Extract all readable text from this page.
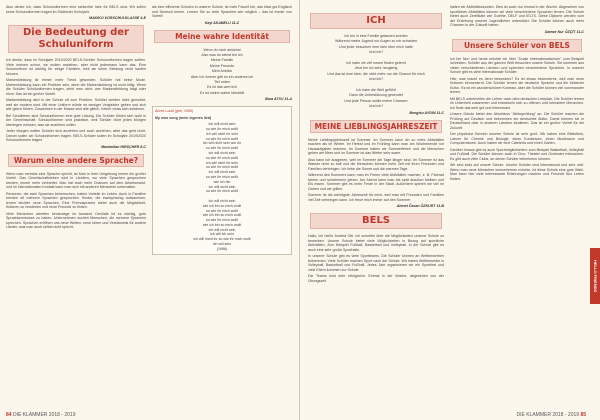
Also denke ich, dass Schuluniformen eine schlechte Idee für BELS sind. Wir sollen keine Schuluniformen tragen im Südtiroler Schuljahr.

MAKIKO VORSCHULKLASSE 4-E
Die Bedeutung der Schuluniform

Ich denke, dass im Schuljahr 2019/2020 BELS-Schüler Schuluniformen tragen sollten. Viele meinen schon, sie wollen anziehen, aber nicht jedermann kann das. Eine Schuluniform ist wichtig für einige Familien, weil sie keine Kleidung nicht kaufen können.

Markenkleidung ist immer mehr Trend geworden. Schüler hat keine Mode. Markenkleidung kann ein Problem sein, denn die Markenkleidung ist nicht billig. Wenn die Schüler Schuluniformen tragen, sieht man nicht, wer Markenkleidung trägt oder nicht. Das ist ein großer Vorteil.

Markenkleidung wird in der Schule oft zum Problem. Schüler werden nicht gemobbt, weil sie modern sind. Mit einer Uniform würde es weniger Vergleiche geben und sich alle gleich fühlen. Zusammen in der Klasse sind alle gleich. Keiner muss sich schämen.

Bei Schulfeiern sind Schuluniformen eine gute Lösung. Die Schüler fühlen sich wohl in der Gemeinschaft. Schuluniformen sind praktisch, weil Schüler nicht jeden Morgen überlegen müssen, was sie anziehen sollen.

Jeder Morgen wollen Schüler sich anziehen und auch anziehen, aber das geht nicht. Darum sollen wir Schuluniformen tragen. BELS-Schüler sollen im Schuljahr 2019/2020 Schuluniformen tragen.

Maximilian HIRSCHER 8-C
Warum eine andere Sprache?

Wenn man mehrals eine Sprache spricht, ist Man in ihrer Umgebung immer ein großer Vorteil. Das Gesellschaftsleben wird in Ländern, wo viele Sprachen gesprochen werden, immer mehr verbreitet. Man hat auch mehr Chancen auf dem Arbeitsmarkt, und im internationalen Kontakt kann man sich mit anderen Menschen unterhalten.

Personen, die zwei Sprachen beherrschen, haben Vorteile im Leben. Auch in Familien werden oft mehrere Sprachen gesprochen. Kinder, die zweisprachig aufwachsen, lernen leichter neue Sprachen. Eine Fremdsprache bietet auch die Möglichkeit, Kulturen zu verstehen und neue Freunde zu finden.

Viele Menschen arbeiten heutzutage im Ausland. Deshalb ist es wichtig, gute Sprachkenntnisse zu haben. Unternehmen suchen Menschen, die mehrere Sprachen sprechen. Sprachen eröffnen uns neue Welten, neue Ideen und Verständnis für andere Länder, was man auch selbst nicht spricht.

als eine effiziente Schulen in unserer Schule, ist mein Favorit bei, das bisst gut Englisch und Deutsch lernen. Lernen Sie so viele Sprachen wie möglich – das ist immer von Vorteil!

Kayi AKABELU 11-C
Meine wahre Identität
Wenn du mich ansiehst
Also was du siehst bin ich
Meine Familie
Meine Freunde
Mein Anblick
Aber ich innerer gibt es ein anderes ich
Tief unten
Es ist das wert lich
Es ist meine wahre Identität
Bara ATSU 11-A

Annet Louill (geb. 1955)

My own song (mein eigenes lied)

Ich will nicht sein
so wie ihr mich wollt
ich will nicht ihr sein
so wie ihr mich wollt
ich will nicht sein wie ihr
so wie ihr mich wollt
ich will nicht sein
so wie ihr mich wollt
ich will nicht ihr sein
so wie ihr mich wollt
ich will nicht sein
so wie ihr mich wollt
wie ich bin
ich will nicht sein
so wie ihr mich wollt

ich will nicht sein
wie ich bin so mich wollt
so wie ihr mich wollt
wie ich bin so mich wollt
so wie ihr mich wollt
wie ich bin so mich wollt
ich will nicht sein
ich will ich sein
ich will nicht ihr so wie ihr mich wollt
ich will sein
(1986)
84 DIE KLAMMER 2018 - 2019
ICH
Ich bin in eine Familie getanzen worden
Während meine Jugend nur Augen zu mir schauten
Und jeder besuchen eine Idee über mich hatte
Und ich?

Ich habe nie viel neues finden gelernt
Jetzt bin ich sehr neugierig
Und das ist eine Idee, die nicht mehr nur die Chance für mich
Und ich?

Ich habe die Welt gefühlt
Dann die Unterstützung gesendet
Und jede Person wollte meine Chancen
Und ich?
Bengisu AYDIN 11-C
MEINE LIEBLINGSJAHRESZEIT

Meine Lieblingsjahreszeit ist Sommer. Im Sommer kann ich zu mehr Aktivitäten machen als im Winter. Im Herbst und im Frühling kann man am Wochenende nur Hausaufgaben machen. Im Sommer haben wir Sommerferien und die Menschen gehen am Meer und im Sommer ist das Wetter sehr warm.

Also kann ich ausgehen, weil im Sommer die Tage länger sind. Im Sommer ist das Wasser nicht so kalt und die Menschen können mehr Zeit mit ihren Freunden und Familien verbringen. Ich liebe die Sonne und die warmen Tage.

Während des Sommers kann man im Freien viele Aktivitäten machen, z. B. Fahrrad fahren und schwimmen gehen. Am Abend kann man bis spät draußen bleiben und Eis essen. Sommer gibt es mehr Feste in der Stadt. Außerdem spielen wir viel im Garten und wir grillen.

Sommer ist die wichtigste Jahreszeit für mich, weil man mit Freunden und Familien viel Zeit verbringen kann. Ich freue mich immer auf den Sommer.

Ahmet Özcan ÖZKURT 11-B
BELS

Hallo, ich heiße Andrea Otti. Ich schreibe über die Möglichkeiten unserer Schule zu bewerben. Unsere Schule bietet viele Möglichkeiten in Bezug auf sportliche Aktivitäten. Zum Beispiel Fußball, Basketball und Volleyball. In der Schule gibt es auch eine sehr große Sporthalle.

In unserer Schule gibt es viele Sportteams. Die Schüler können an Wettbewerben teilnehmen. Viele Schüler machen Sport nach der Schule. Wir haben Wettbewerbe in Volleyball, Basketball und Fußball. Jedes Jahr organisieren wir ein Sportfest und viele Eltern kommen zur Schule.

Die Teams sind sehr erfolgreich. Einmal in der Woche, abgesehen von der Übungszeit

halten wir Aktivitätsstunden. Dies ist auch nur einmal in der Woche. Abgesehen von sportlichen Aktivitäten können wir viele verschiedene Sprachen lernen. Die Schule bietet auch Zertifikate wie Goethe, DELF und IELTS. Diese Diplome werden vom der Erziehung unserer Jugendlichen unterstützt. Die Schüler können auch mehr Chancen in der Zukunft haben.

Gamze Nur ÖZÇİT 11-C
Unsere Schüler von BELS

Ich bin Nuri und heute möchte ich über "Duale Internationalschule" zum Beispiel schreiben. Schüler aus der ganzen Welt besuchen unsere Schule. Sie kommen aus vielen verschiedenen Ländern und sprechen verschiedene Sprachen. In unserer Schule gibt es viele internationale Schüler.

Hier, was macht es denn besonders? Es ist etwas besonderes, weil man neue Kulturen kennenlernt. Die Schüler lernen die deutsche Sprache und die türkische Kultur. Es ist ein wunderschöner Kontrast, aber die Schüler können viel voneinander lernen.

Mit BELS unterrichten die Lehrer nach dem deutschen Lehrplan. Die Schüler lernen im Unterricht zusammen und entwickeln sich zu offenen und toleranten Menschen. Ich finde das sehr gut und interessant.

Unsere Schule bietet den Abschluss "Abiturprüfung" an. Die Schüler machen die Prüfung auf Deutsch und bekommen ein deutsches Abitur. Damit können sie in Deutschland oder in anderen Ländern studieren. Das ist ein großer Vorteil für die Zukunft.

Der physische Bereich unserer Schule ist sehr groß. Wir haben eine Bibliothek, Labore für Chemie und Biologie, einen Kunstraum, einen Musikraum und Computerräume. Auch haben wir eine Cafeteria und einen Garten.

Darüber hinaus gibt es auch Sportmöglichkeiten: zum Beispiel Basketball, Volleyball und Fußball. Die Schüler können auch in Chor, Theater und Orchester mitmachen. Es gibt auch viele Clubs, an denen Schüler teilnehmen können.

Wir sind stolz auf unsere Schule. Unsere Schüler sind international und sehr nett. Wenn man neue Menschen kennenlernen möchte, ist diese Schule eine gute Wahl. Man kann hier viele interessante Erfahrungen machen und Freunde fürs Leben finden.

HELLO FRIENDS
DIE KLAMMER 2018 - 2019 85
